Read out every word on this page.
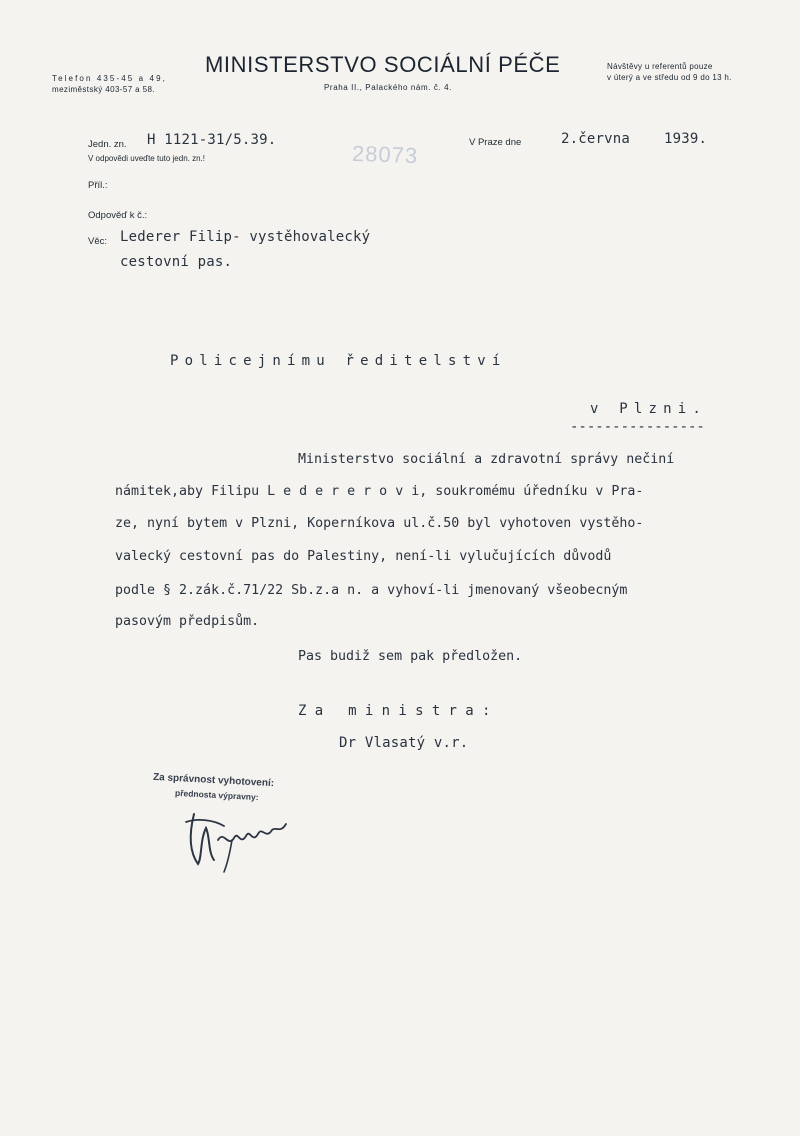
Telefon 435-45 a 49,
meziměstský 403-57 a 58.
MINISTERSTVO SOCIÁLNÍ PÉČE
Praha II., Palackého nám. č. 4.
Návštěvy u referentů pouze
v úterý a ve středu od 9 do 13 h.
Jedn. zn. H 1121-31/5.39.
V odpovědi uveďte tuto jedn. zn.!	28073	V Praze dne	2.června 1939.
Příl.:
Odpověď k č.:
Věc: Lederer Filip- vystěhovalecký
cestovní pas.
Policejnímu ředitelství
v Plzni.
----------------
Ministerstvo sociální a zdravotní správy nečiní
námitek,aby Filipu L e d e r e r o v i, soukromému úředníku v Pra-
ze, nyní bytem v Plzni, Koperníkova ul.č.50 byl vyhotoven vystěho-
valecký cestovní pas do Palestiny, není-li vylučujících důvodů
podle § 2.zák.č.71/22 Sb.z.a n. a vyhoví-li jmenovaný všeobecným
pasovým předpisům.
Pas budiž sem pak předložen.
Za ministra:
Dr Vlasatý v.r.
Za správnost vyhotovení:
přednosta výpravny:
